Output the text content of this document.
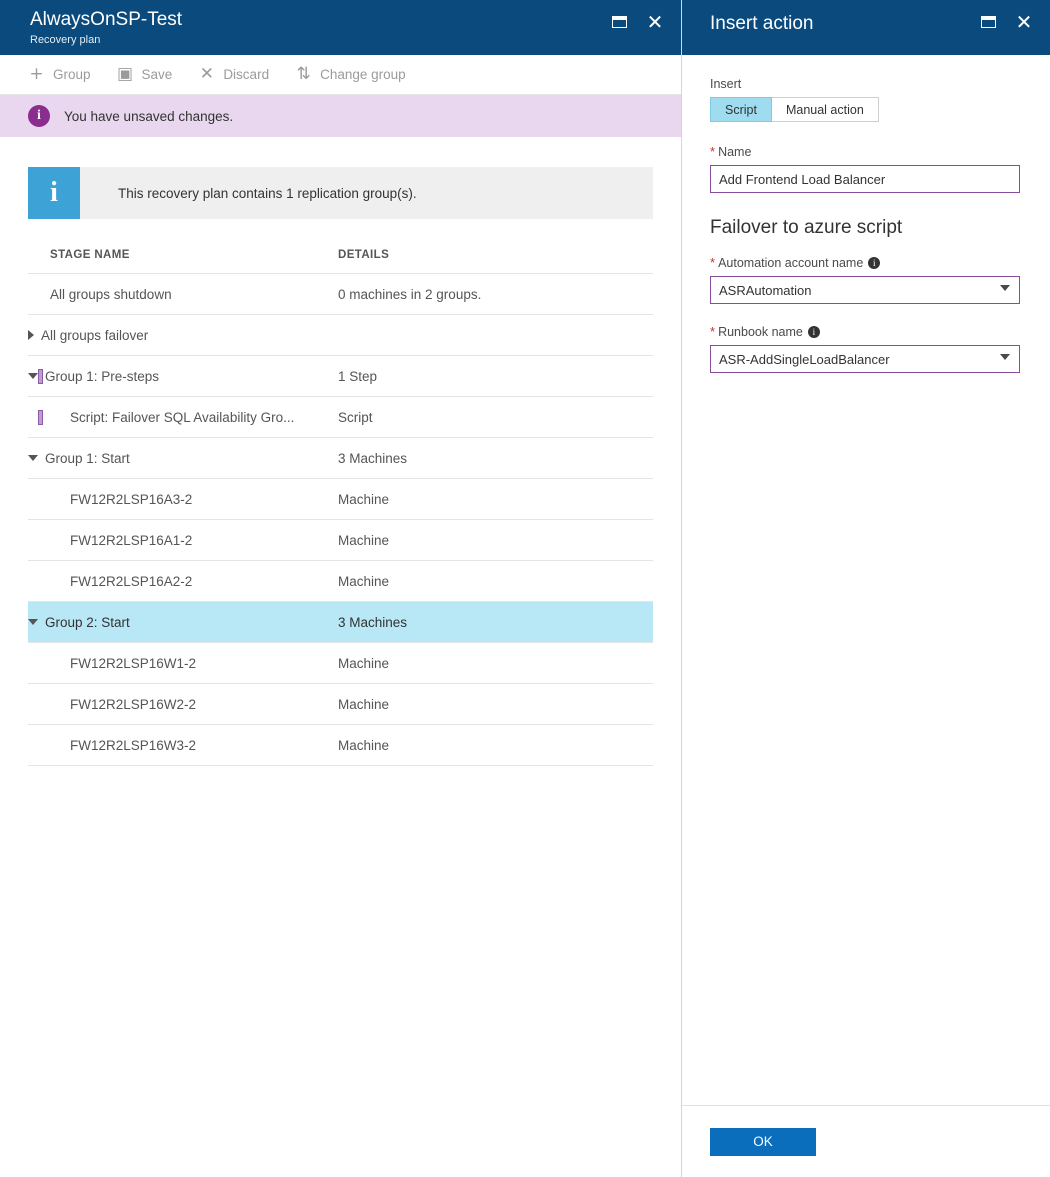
AlwaysOnSP-Test
Recovery plan
✕
+ Group ▣ Save ✕ Discard ⇅ Change group
i	You have unsaved changes.
i	This recovery plan contains 1 replication group(s).
STAGE NAME	DETAILS

All groups shutdown	0 machines in 2 groups.

All groups failover	

Group 1: Pre-steps	1 Step

Script: Failover SQL Availability Gro...	Script

Group 1: Start	3 Machines

FW12R2LSP16A3-2	Machine

FW12R2LSP16A1-2	Machine

FW12R2LSP16A2-2	Machine

Group 2: Start	3 Machines

FW12R2LSP16W1-2	Machine

FW12R2LSP16W2-2	Machine

FW12R2LSP16W3-2	Machine
Insert action	✕
Insert
Script	Manual action
* Name
Add Frontend Load Balancer
Failover to azure script
* Automation account name i
ASRAutomation
* Runbook name i
ASR-AddSingleLoadBalancer
OK
